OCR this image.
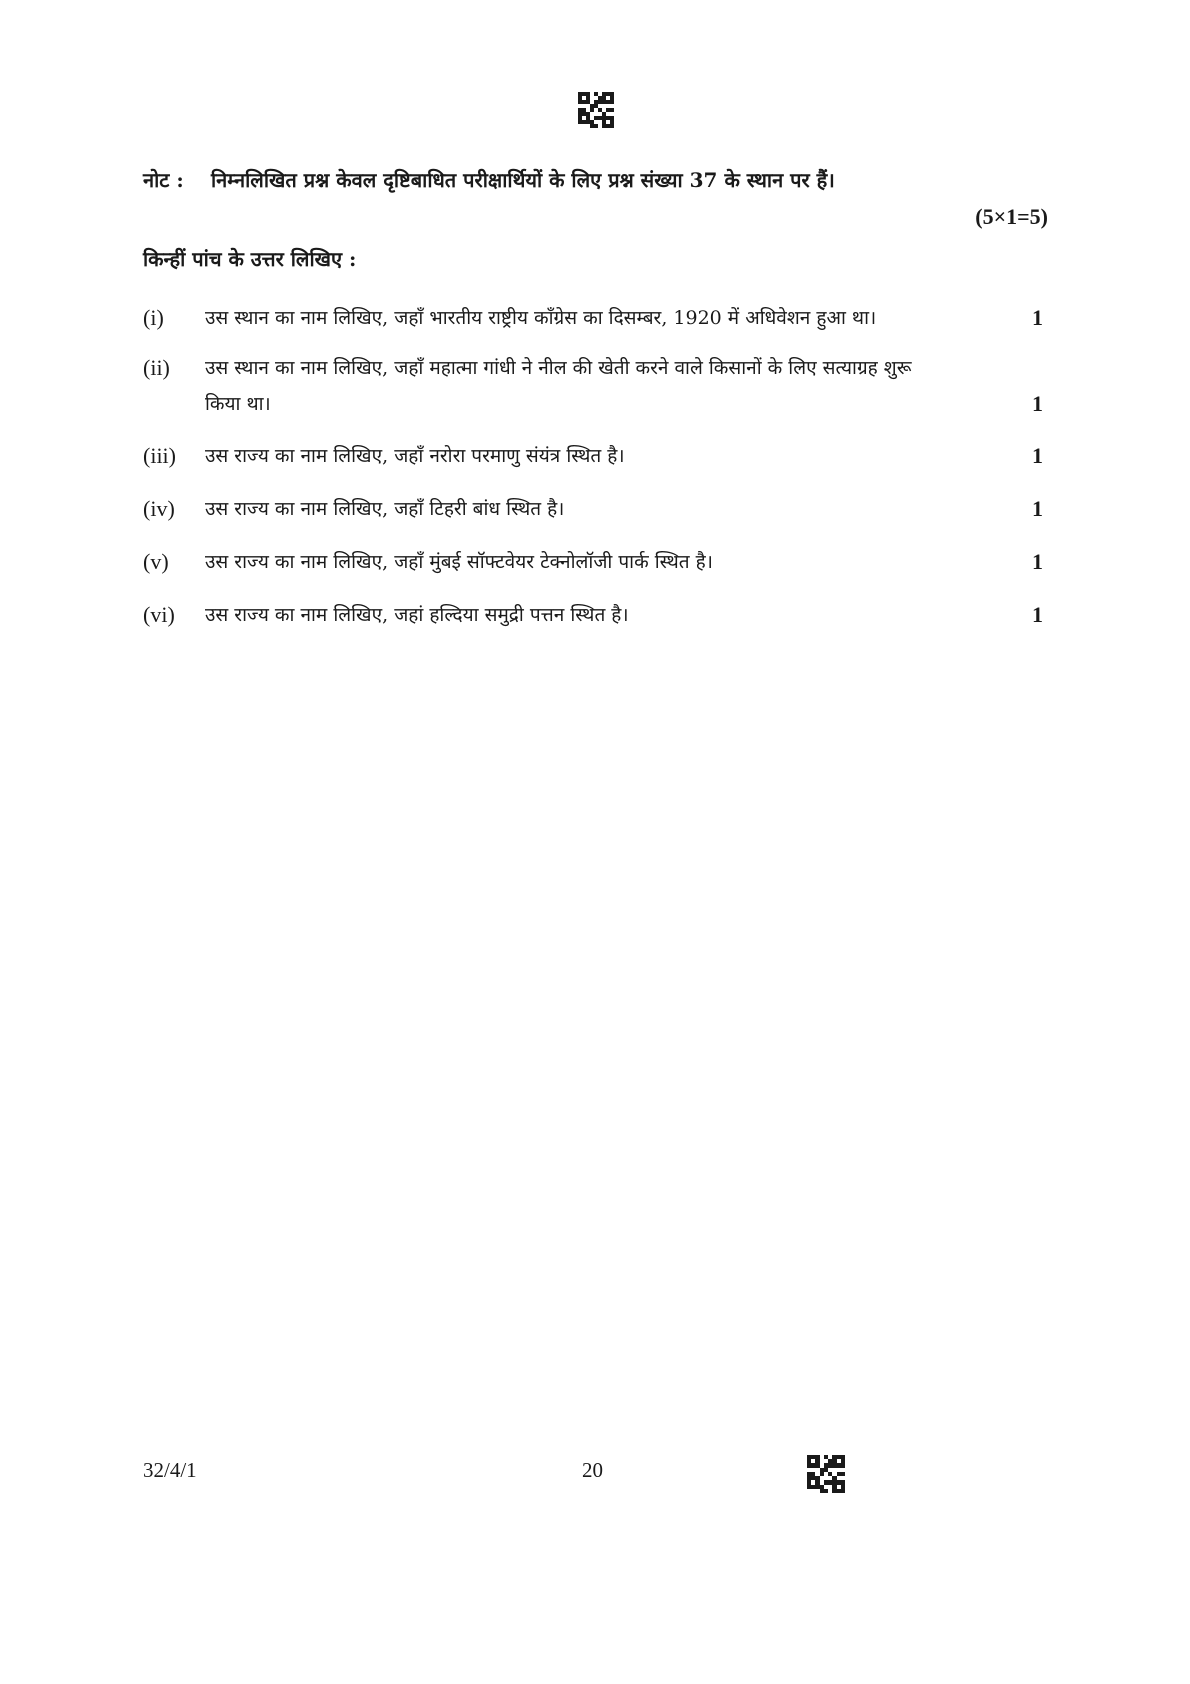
नोट :	निम्नलिखित प्रश्न केवल दृष्टिबाधित परीक्षार्थियों के लिए प्रश्न संख्या 37 के स्थान पर हैं।
(5×1=5)
किन्हीं पांच के उत्तर लिखिए :
(i)	उस स्थान का नाम लिखिए, जहाँ भारतीय राष्ट्रीय काँग्रेस का दिसम्बर, 1920 में अधिवेशन हुआ था।	1
(ii)	उस स्थान का नाम लिखिए, जहाँ महात्मा गांधी ने नील की खेती करने वाले किसानों के लिए सत्याग्रह शुरू किया था।	1
(iii)	उस राज्य का नाम लिखिए, जहाँ नरोरा परमाणु संयंत्र स्थित है।	1
(iv)	उस राज्य का नाम लिखिए, जहाँ टिहरी बांध स्थित है।	1
(v)	उस राज्य का नाम लिखिए, जहाँ मुंबई सॉफ्टवेयर टेक्नोलॉजी पार्क स्थित है।	1
(vi)	उस राज्य का नाम लिखिए, जहां हल्दिया समुद्री पत्तन स्थित है।	1
32/4/1	20
